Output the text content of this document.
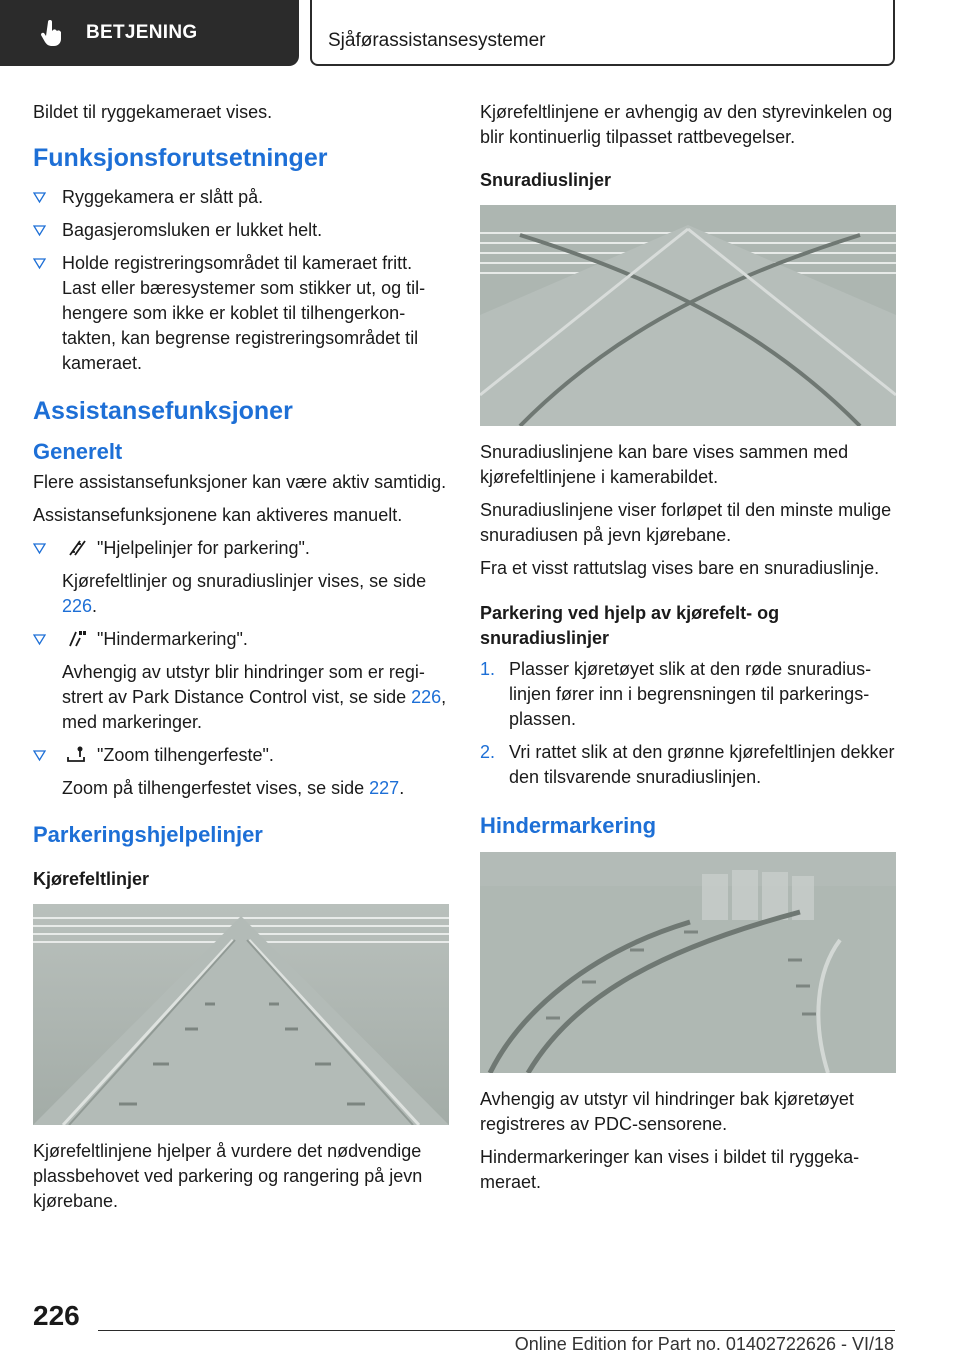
BETJENING	Sjåførassistansesystemer

Bildet til ryggekameraet vises.

Funksjonsforutsetninger
Ryggekamera er slått på.
Bagasjeromsluken er lukket helt.
Holde registreringsområdet til kameraet fritt. Last eller bæresystemer som stikker ut, og tilhengere som ikke er koblet til tilhengerkontakten, kan begrense registreringsområdet til kameraet.
Assistansefunksjoner
Generelt

Flere assistansefunksjoner kan være aktiv samtidig.

Assistansefunksjonene kan aktiveres manuelt.

"Hjelpelinjer for parkering".
Kjørefeltlinjer og snuradiuslinjer vises, se side 226.
"Hindermarkering".
Avhengig av utstyr blir hindringer som er registrert av Park Distance Control vist, se side 226, med markeringer.
"Zoom tilhengerfeste".
Zoom på tilhengerfestet vises, se side 227.
Parkeringshjelpelinjer
Kjørefeltlinjer

Kjørefeltlinjene hjelper å vurdere det nødvendige plassbehovet ved parkering og rangering på jevn kjørebane.

Kjørefeltlinjene er avhengig av den styrevinkelen og blir kontinuerlig tilpasset rattbevegelser.

Snuradiuslinjer

Snuradiuslinjene kan bare vises sammen med kjørefeltlinjene i kamerabildet.

Snuradiuslinjene viser forløpet til den minste mulige snuradiusen på jevn kjørebane.

Fra et visst rattutslag vises bare en snuradiuslinje.

Parkering ved hjelp av kjørefelt- og snuradiuslinjer
1. Plasser kjøretøyet slik at den røde snuradiuslinjen fører inn i begrensningen til parkeringsplassen.
2. Vri rattet slik at den grønne kjørefeltlinjen dekker den tilsvarende snuradiuslinjen.
Hindermarkering

Avhengig av utstyr vil hindringer bak kjøretøyet registreres av PDC-sensorene.

Hindermarkeringer kan vises i bildet til ryggekameraet.

226
Online Edition for Part no. 01402722626 - VI/18
